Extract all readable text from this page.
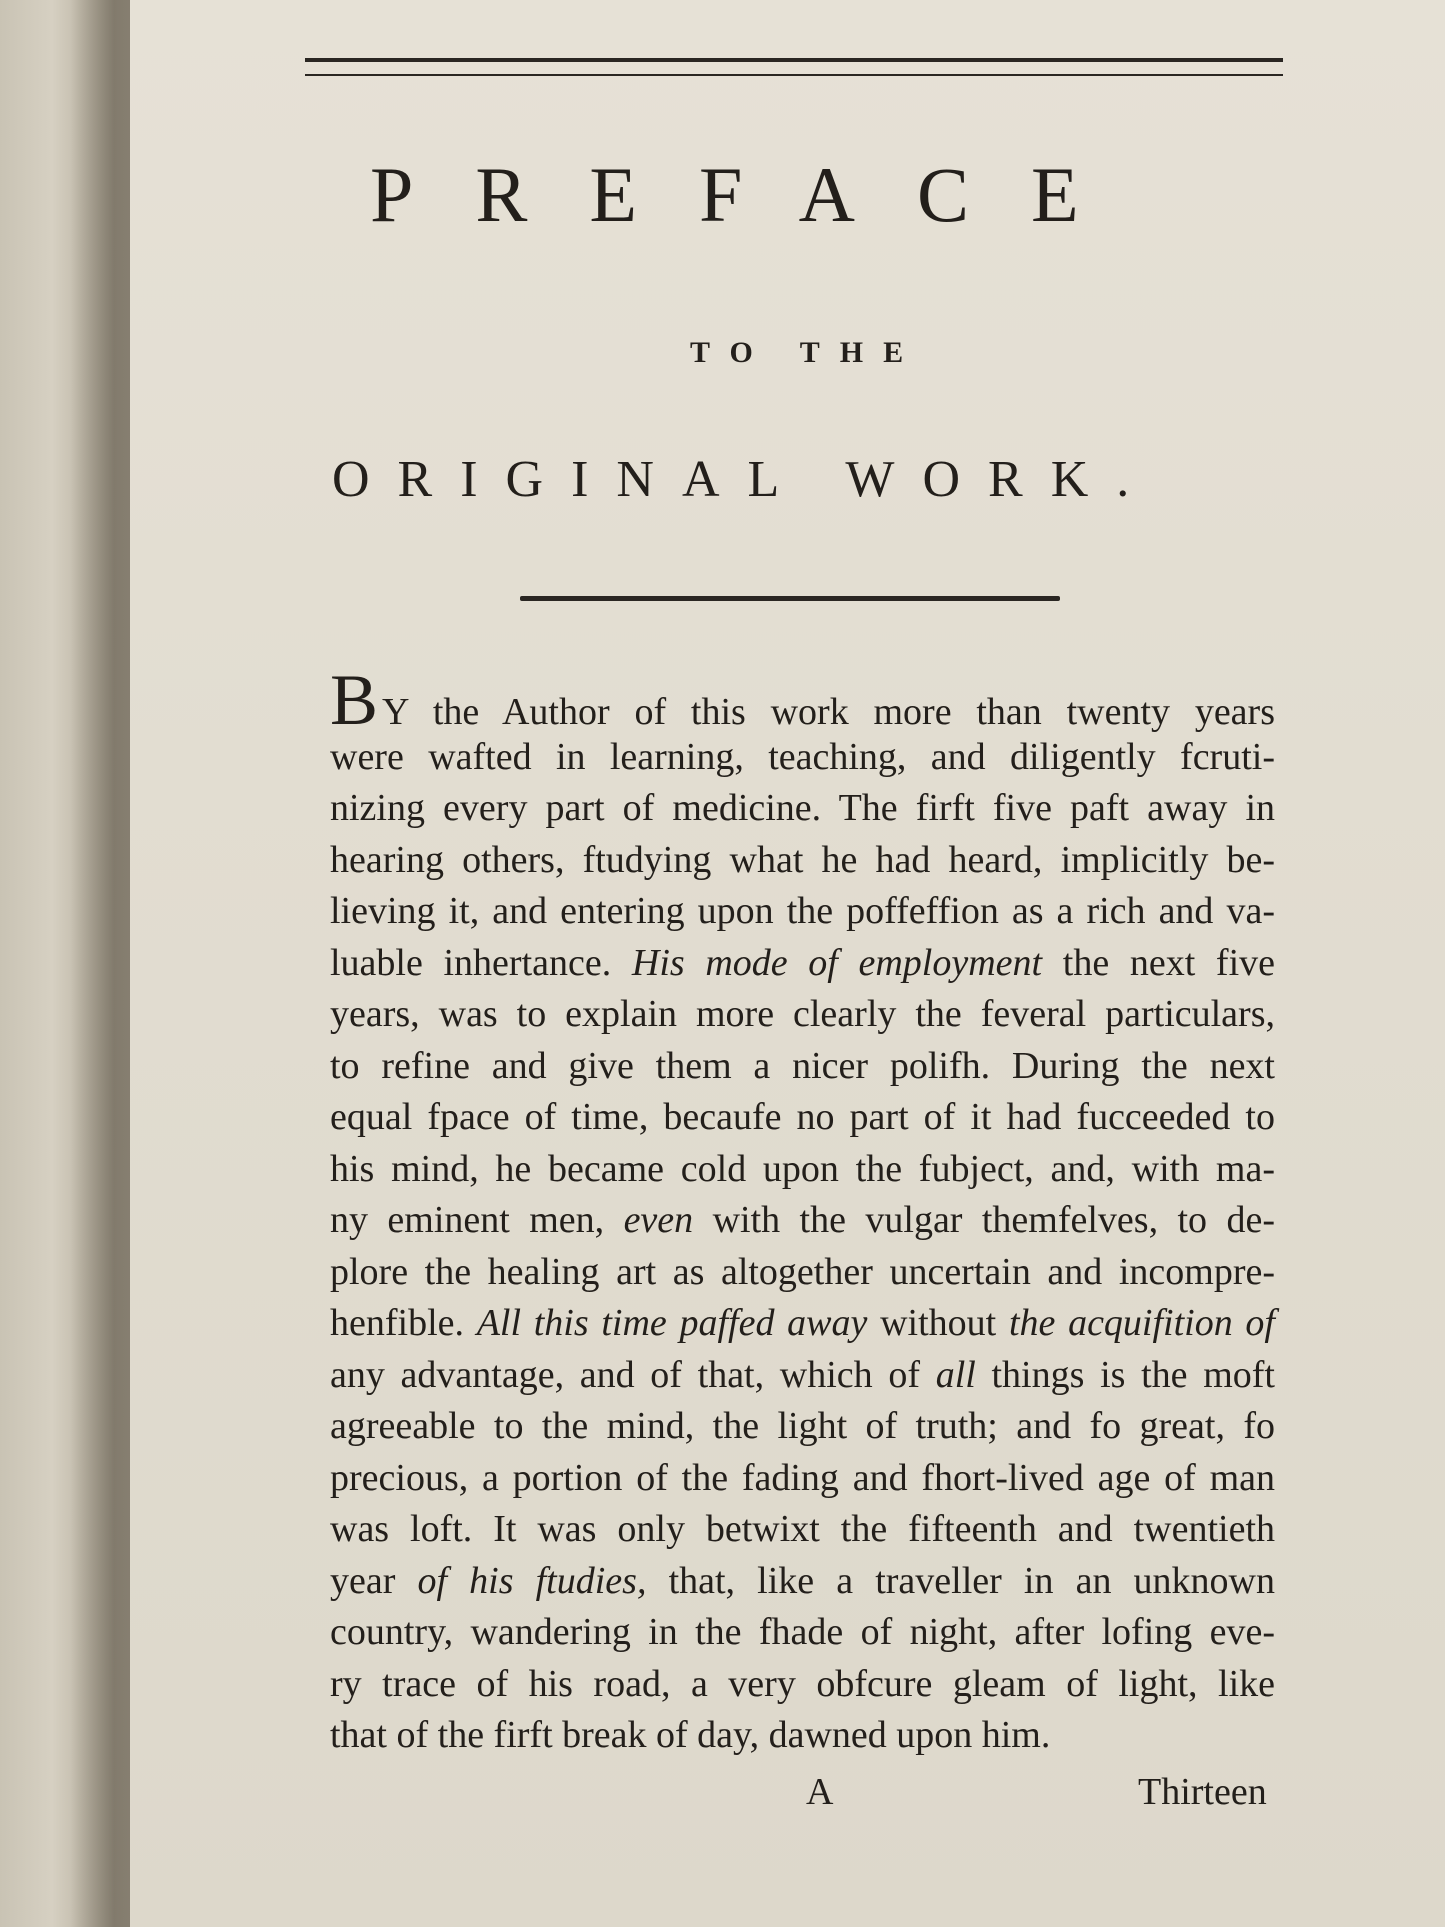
PREFACE
TO THE
ORIGINAL WORK.
B Y the Author of this work more than twenty years
were wafted in learning, teaching, and diligently fcruti-
nizing every part of medicine. The firft five paft away in
hearing others, ftudying what he had heard, implicitly be-
lieving it, and entering upon the poffeffion as a rich and va-
luable inhertance. His mode of employment the next five
years, was to explain more clearly the feveral particulars,
to refine and give them a nicer polifh. During the next
equal fpace of time, becaufe no part of it had fucceeded to
his mind, he became cold upon the fubject, and, with ma-
ny eminent men, even with the vulgar themfelves, to de-
plore the healing art as altogether uncertain and incompre-
henfible. All this time paffed away without the acquifition of
any advantage, and of that, which of all things is the moft
agreeable to the mind, the light of truth; and fo great, fo
precious, a portion of the fading and fhort-lived age of man
was loft. It was only betwixt the fifteenth and twentieth
year of his ftudies, that, like a traveller in an unknown
country, wandering in the fhade of night, after lofing eve-
ry trace of his road, a very obfcure gleam of light, like
that of the firft break of day, dawned upon him.
A	Thirteen
